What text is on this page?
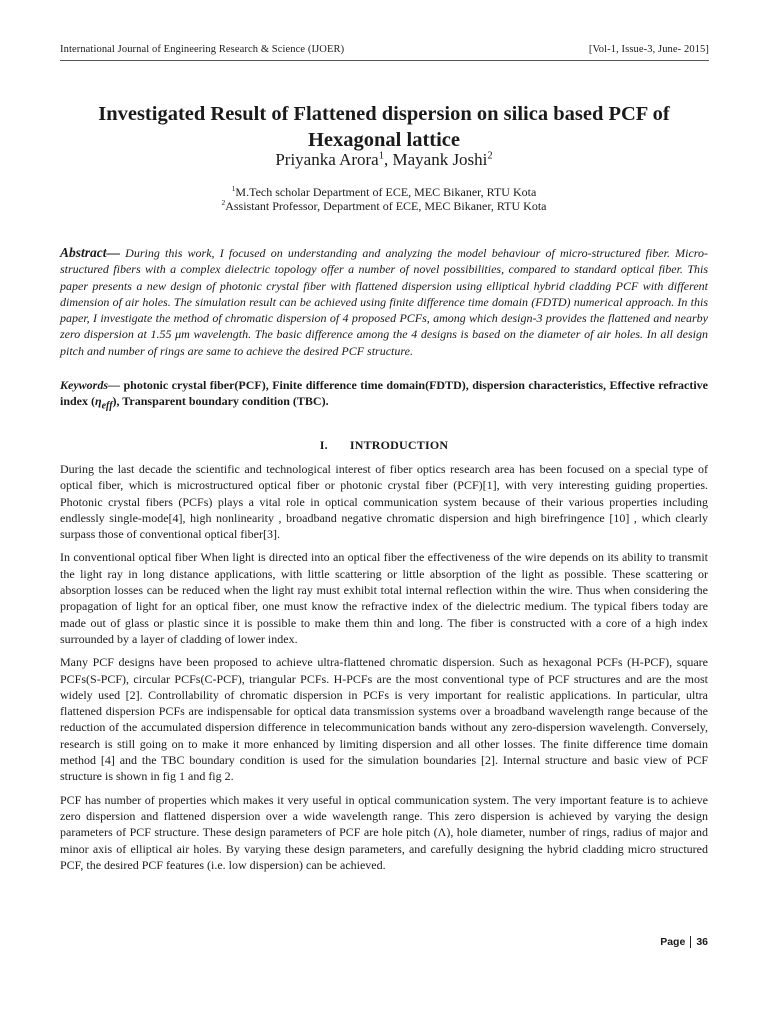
International Journal of Engineering Research & Science (IJOER)	[Vol-1, Issue-3, June- 2015]
Investigated Result of Flattened dispersion on silica based PCF of
Hexagonal lattice
Priyanka Arora$^1$, Mayank Joshi$^2$
$^1$M.Tech scholar Department of ECE, MEC Bikaner, RTU Kota
$^2$Assistant Professor, Department of ECE, MEC Bikaner, RTU Kota
Abstract— During this work, I focused on understanding and analyzing the model behaviour of micro-structured fiber. Micro-structured fibers with a complex dielectric topology offer a number of novel possibilities, compared to standard optical fiber. This paper presents a new design of photonic crystal fiber with flattened dispersion using elliptical hybrid cladding PCF with different dimension of air holes. The simulation result can be achieved using finite difference time domain (FDTD) numerical approach. In this paper, I investigate the method of chromatic dispersion of 4 proposed PCFs, among which design-3 provides the flattened and nearby zero dispersion at 1.55 μm wavelength. The basic difference among the 4 designs is based on the diameter of air holes. In all design pitch and number of rings are same to achieve the desired PCF structure.
Keywords— photonic crystal fiber(PCF), Finite difference time domain(FDTD), dispersion characteristics, Effective refractive index $(\eta_{eff})$, Transparent boundary condition (TBC).
I. INTRODUCTION

During the last decade the scientific and technological interest of fiber optics research area has been focused on a special type of optical fiber, which is microstructured optical fiber or photonic crystal fiber (PCF)[1], with very interesting guiding properties. Photonic crystal fibers (PCFs) plays a vital role in optical communication system because of their various properties including endlessly single-mode[4], high nonlinearity , broadband negative chromatic dispersion and high birefringence [10] , which clearly surpass those of conventional optical fiber[3].

In conventional optical fiber When light is directed into an optical fiber the effectiveness of the wire depends on its ability to transmit the light ray in long distance applications, with little scattering or little absorption of the light as possible. These scattering or absorption losses can be reduced when the light ray must exhibit total internal reflection within the wire. Thus when considering the propagation of light for an optical fiber, one must know the refractive index of the dielectric medium. The typical fibers today are made out of glass or plastic since it is possible to make them thin and long. The fiber is constructed with a core of a high index surrounded by a layer of cladding of lower index.

Many PCF designs have been proposed to achieve ultra-flattened chromatic dispersion. Such as hexagonal PCFs (H-PCF), square PCFs(S-PCF), circular PCFs(C-PCF), triangular PCFs. H-PCFs are the most conventional type of PCF structures and are the most widely used [2]. Controllability of chromatic dispersion in PCFs is very important for realistic applications. In particular, ultra flattened dispersion PCFs are indispensable for optical data transmission systems over a broadband wavelength range because of the reduction of the accumulated dispersion difference in telecommunication bands without any zero-dispersion wavelength. Conversely, research is still going on to make it more enhanced by limiting dispersion and all other losses. The finite difference time domain method [4] and the TBC boundary condition is used for the simulation boundaries [2]. Internal structure and basic view of PCF structure is shown in fig 1 and fig 2.

PCF has number of properties which makes it very useful in optical communication system. The very important feature is to achieve zero dispersion and flattened dispersion over a wide wavelength range. This zero dispersion is achieved by varying the design parameters of PCF structure. These design parameters of PCF are hole pitch (Λ), hole diameter, number of rings, radius of major and minor axis of elliptical air holes. By varying these design parameters, and carefully designing the hybrid cladding micro structured PCF, the desired PCF features (i.e. low dispersion) can be achieved.

Page 36
